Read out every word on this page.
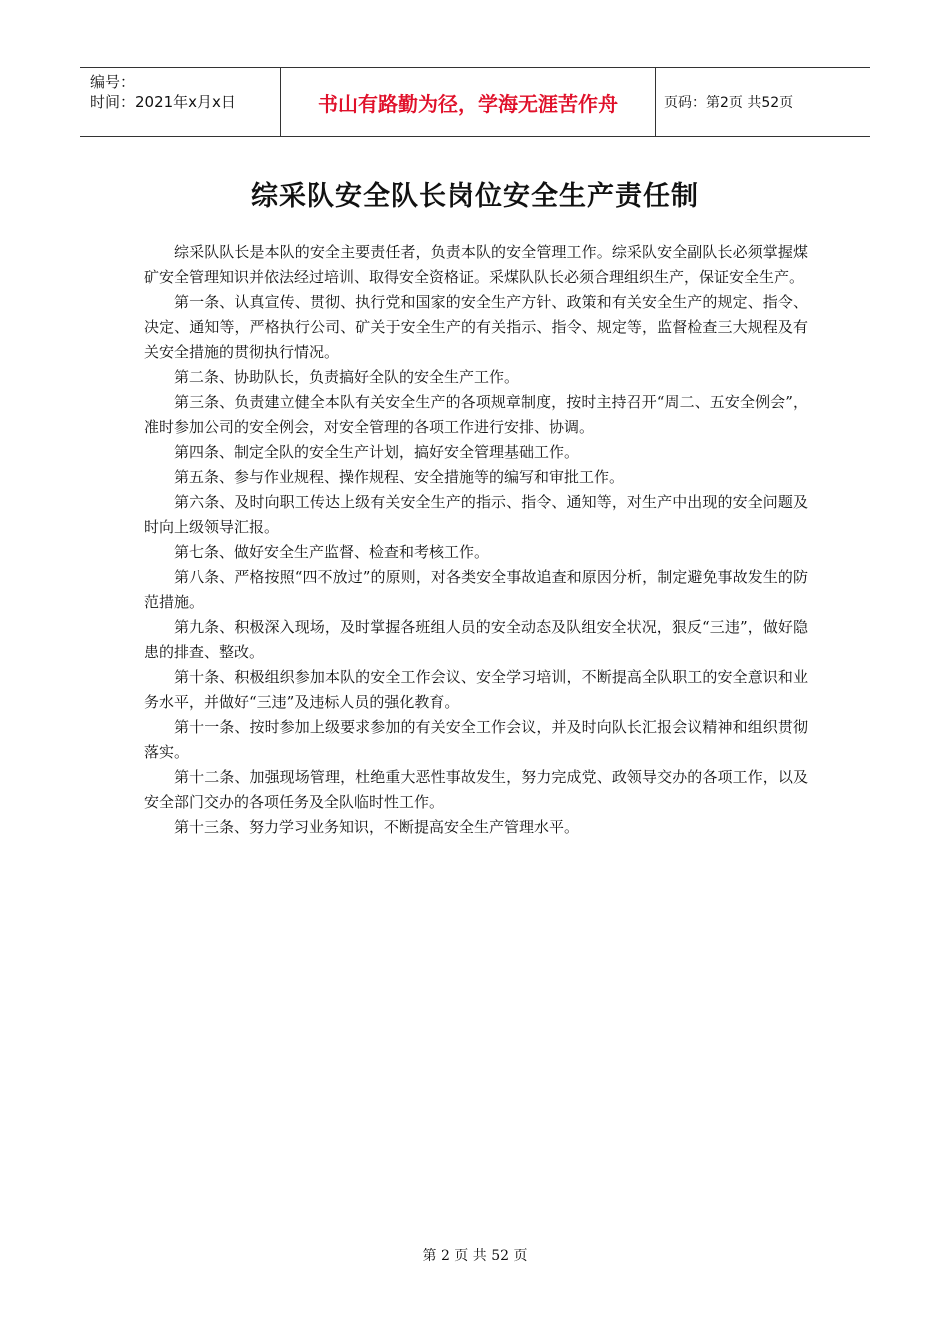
编号：
时间：2021年x月x日	书山有路勤为径，学海无涯苦作舟	页码：第2页 共52页
综采队安全队长岗位安全生产责任制

综采队队长是本队的安全主要责任者，负责本队的安全管理工作。综采队安全副队长必须掌握煤矿安全管理知识并依法经过培训、取得安全资格证。采煤队队长必须合理组织生产，保证安全生产。

第一条、认真宣传、贯彻、执行党和国家的安全生产方针、政策和有关安全生产的规定、指令、决定、通知等，严格执行公司、矿关于安全生产的有关指示、指令、规定等，监督检查三大规程及有关安全措施的贯彻执行情况。

第二条、协助队长，负责搞好全队的安全生产工作。

第三条、负责建立健全本队有关安全生产的各项规章制度，按时主持召开“周二、五安全例会”，准时参加公司的安全例会，对安全管理的各项工作进行安排、协调。

第四条、制定全队的安全生产计划，搞好安全管理基础工作。

第五条、参与作业规程、操作规程、安全措施等的编写和审批工作。

第六条、及时向职工传达上级有关安全生产的指示、指令、通知等，对生产中出现的安全问题及时向上级领导汇报。

第七条、做好安全生产监督、检查和考核工作。

第八条、严格按照“四不放过”的原则，对各类安全事故追查和原因分析，制定避免事故发生的防范措施。

第九条、积极深入现场，及时掌握各班组人员的安全动态及队组安全状况，狠反“三违”，做好隐患的排查、整改。

第十条、积极组织参加本队的安全工作会议、安全学习培训，不断提高全队职工的安全意识和业务水平，并做好“三违”及违标人员的强化教育。

第十一条、按时参加上级要求参加的有关安全工作会议，并及时向队长汇报会议精神和组织贯彻落实。

第十二条、加强现场管理，杜绝重大恶性事故发生，努力完成党、政领导交办的各项工作，以及安全部门交办的各项任务及全队临时性工作。

第十三条、努力学习业务知识，不断提高安全生产管理水平。

第 2 页 共 52 页
